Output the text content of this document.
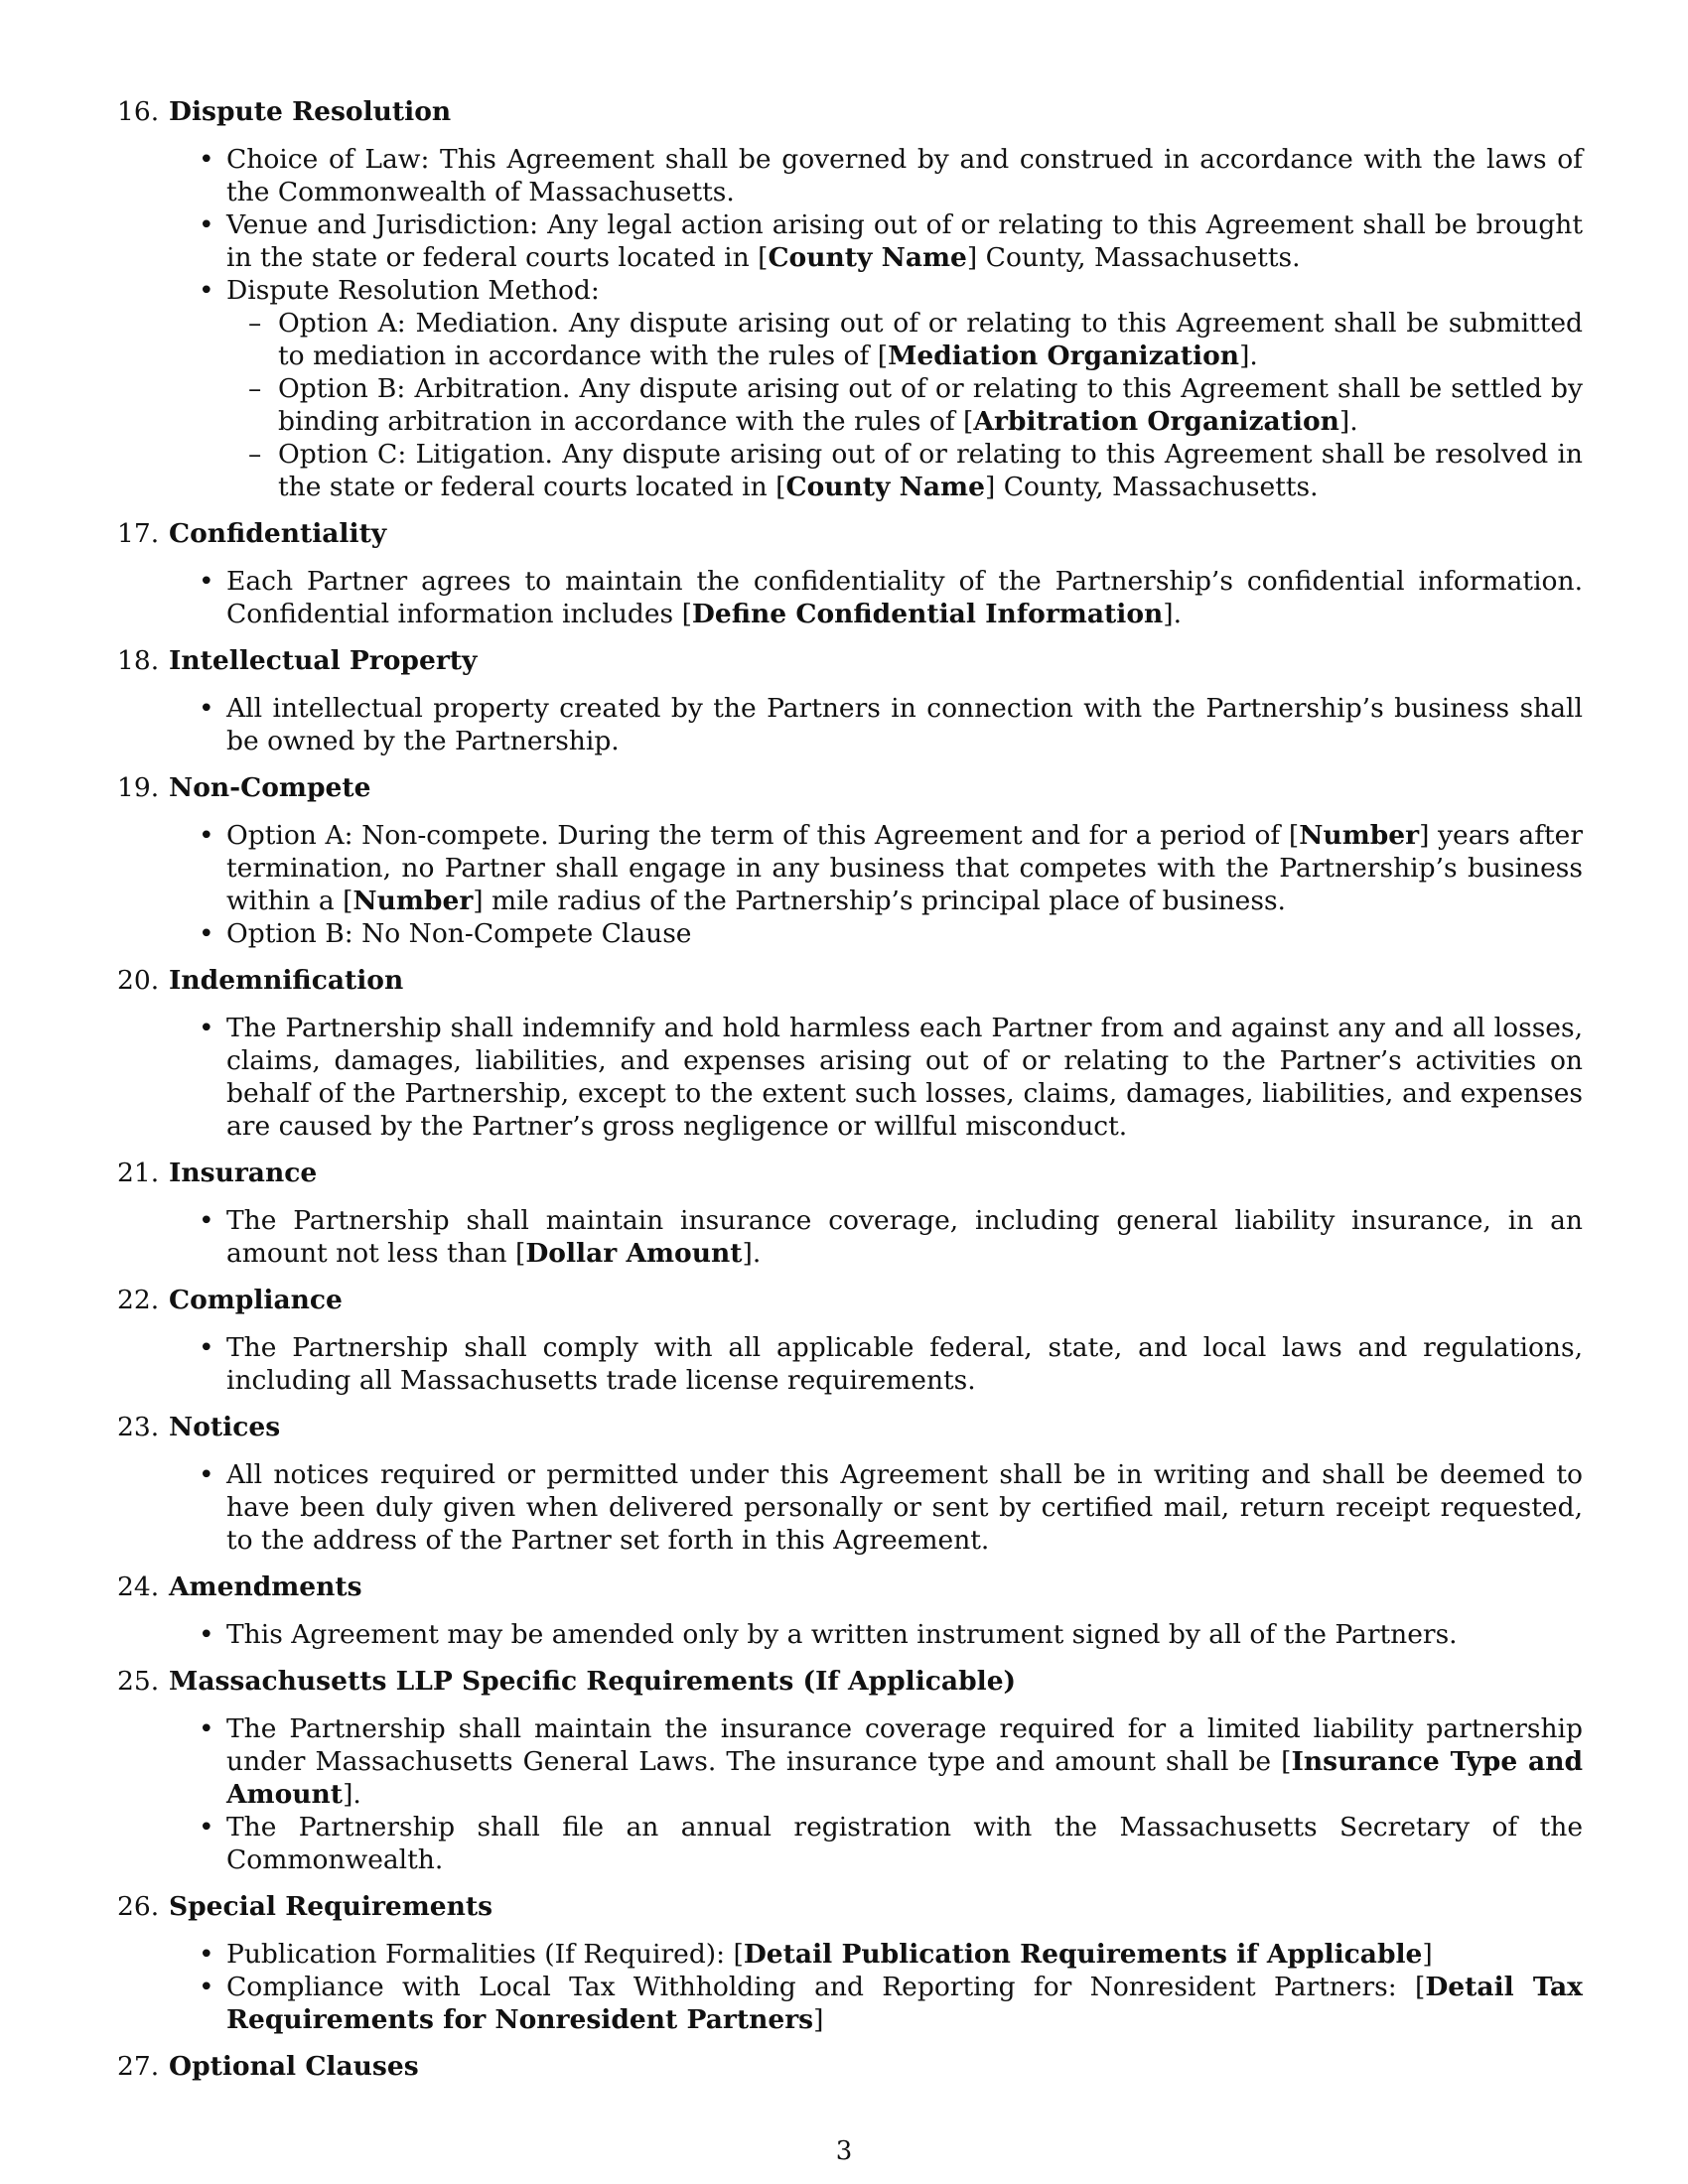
16. Dispute Resolution
• Choice of Law: This Agreement shall be governed by and construed in accordance with the laws of the Commonwealth of Massachusetts.
• Venue and Jurisdiction: Any legal action arising out of or relating to this Agreement shall be brought in the state or federal courts located in [County Name] County, Massachusetts.
• Dispute Resolution Method:
– Option A: Mediation. Any dispute arising out of or relating to this Agreement shall be submitted to mediation in accordance with the rules of [Mediation Organization].
– Option B: Arbitration. Any dispute arising out of or relating to this Agreement shall be settled by binding arbitration in accordance with the rules of [Arbitration Organization].
– Option C: Litigation. Any dispute arising out of or relating to this Agreement shall be resolved in the state or federal courts located in [County Name] County, Massachusetts.
17. Confidentiality
• Each Partner agrees to maintain the confidentiality of the Partnership’s confidential information. Confidential information includes [Define Confidential Information].
18. Intellectual Property
• All intellectual property created by the Partners in connection with the Partnership’s business shall be owned by the Partnership.
19. Non-Compete
• Option A: Non-compete. During the term of this Agreement and for a period of [Number] years after termination, no Partner shall engage in any business that competes with the Partnership’s business within a [Number] mile radius of the Partnership’s principal place of business.
• Option B: No Non-Compete Clause
20. Indemnification
• The Partnership shall indemnify and hold harmless each Partner from and against any and all losses, claims, damages, liabilities, and expenses arising out of or relating to the Partner’s activities on behalf of the Partnership, except to the extent such losses, claims, damages, liabilities, and expenses are caused by the Partner’s gross negligence or willful misconduct.
21. Insurance
• The Partnership shall maintain insurance coverage, including general liability insurance, in an amount not less than [Dollar Amount].
22. Compliance
• The Partnership shall comply with all applicable federal, state, and local laws and regulations, including all Massachusetts trade license requirements.
23. Notices
• All notices required or permitted under this Agreement shall be in writing and shall be deemed to have been duly given when delivered personally or sent by certified mail, return receipt requested, to the address of the Partner set forth in this Agreement.
24. Amendments
• This Agreement may be amended only by a written instrument signed by all of the Partners.
25. Massachusetts LLP Specific Requirements (If Applicable)
• The Partnership shall maintain the insurance coverage required for a limited liability partnership under Massachusetts General Laws. The insurance type and amount shall be [Insurance Type and Amount].
• The Partnership shall file an annual registration with the Massachusetts Secretary of the Commonwealth.
26. Special Requirements
• Publication Formalities (If Required): [Detail Publication Requirements if Applicable]
• Compliance with Local Tax Withholding and Reporting for Nonresident Partners: [Detail Tax Requirements for Nonresident Partners]
27. Optional Clauses
3
